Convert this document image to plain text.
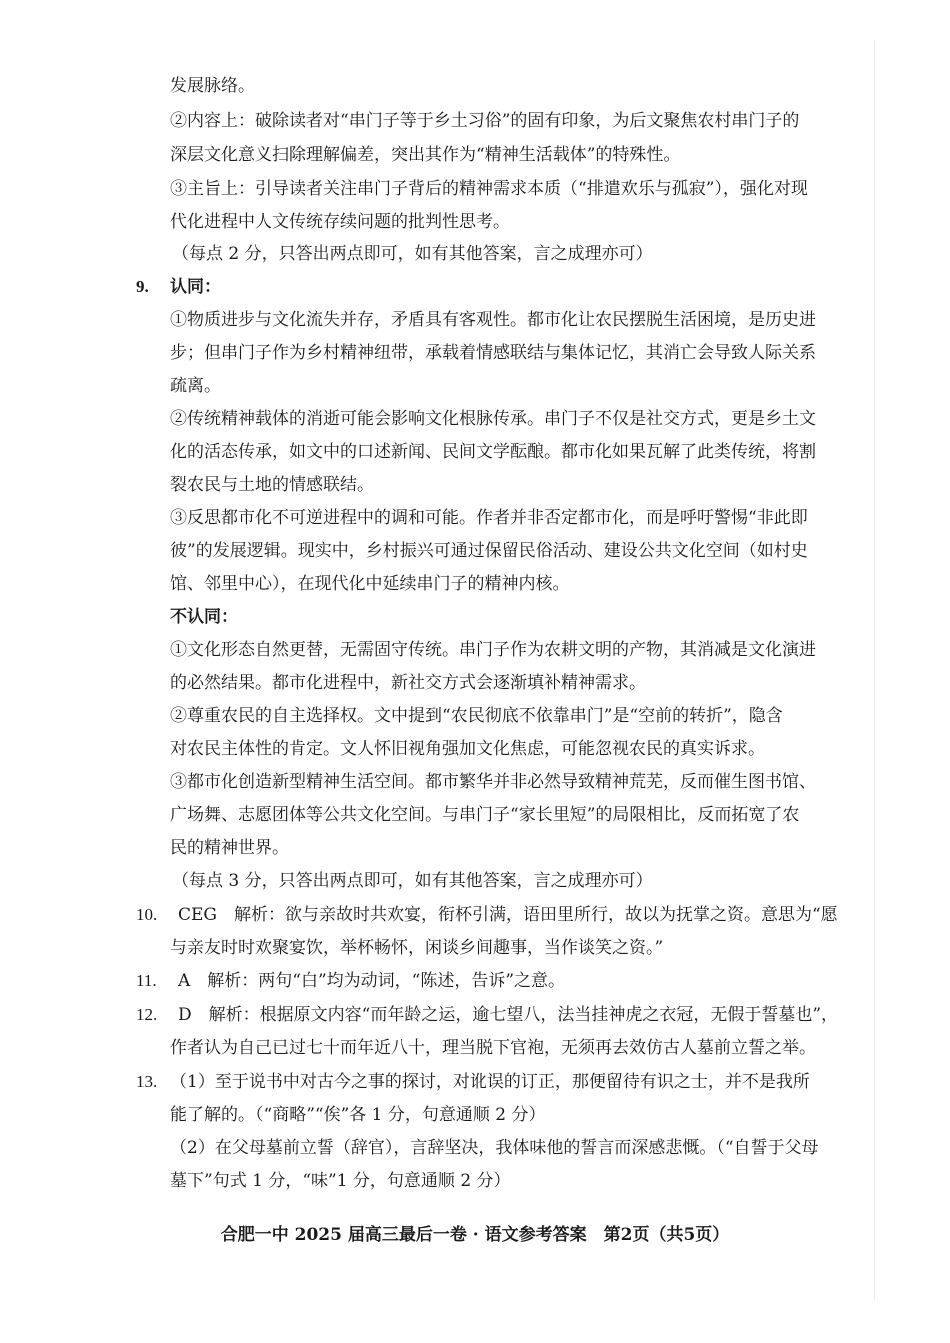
发展脉络。

②内容上：破除读者对“串门子等于乡土习俗”的固有印象，为后文聚焦农村串门子的

深层文化意义扫除理解偏差，突出其作为“精神生活载体”的特殊性。

③主旨上：引导读者关注串门子背后的精神需求本质（“排遣欢乐与孤寂”），强化对现

代化进程中人文传统存续问题的批判性思考。

（每点 2 分，只答出两点即可，如有其他答案，言之成理亦可）

9. 认同：

①物质进步与文化流失并存，矛盾具有客观性。都市化让农民摆脱生活困境，是历史进

步；但串门子作为乡村精神纽带，承载着情感联结与集体记忆，其消亡会导致人际关系

疏离。

②传统精神载体的消逝可能会影响文化根脉传承。串门子不仅是社交方式，更是乡土文

化的活态传承，如文中的口述新闻、民间文学酝酿。都市化如果瓦解了此类传统，将割

裂农民与土地的情感联结。

③反思都市化不可逆进程中的调和可能。作者并非否定都市化，而是呼吁警惕“非此即

彼”的发展逻辑。现实中，乡村振兴可通过保留民俗活动、建设公共文化空间（如村史

馆、邻里中心），在现代化中延续串门子的精神内核。

不认同：

①文化形态自然更替，无需固守传统。串门子作为农耕文明的产物，其消减是文化演进

的必然结果。都市化进程中，新社交方式会逐渐填补精神需求。

②尊重农民的自主选择权。文中提到“农民彻底不依靠串门”是“空前的转折”，隐含

对农民主体性的肯定。文人怀旧视角强加文化焦虑，可能忽视农民的真实诉求。

③都市化创造新型精神生活空间。都市繁华并非必然导致精神荒芜，反而催生图书馆、

广场舞、志愿团体等公共文化空间。与串门子“家长里短”的局限相比，反而拓宽了农

民的精神世界。

（每点 3 分，只答出两点即可，如有其他答案，言之成理亦可）

10. CEG　解析：欲与亲故时共欢宴，衔杯引满，语田里所行，故以为抚掌之资。意思为“愿

与亲友时时欢聚宴饮，举杯畅怀，闲谈乡间趣事，当作谈笑之资。”

11. A　解析：两句“白”均为动词，“陈述，告诉”之意。

12. D　解析：根据原文内容“而年龄之运，逾七望八，法当挂神虎之衣冠，无假于誓墓也”，

作者认为自己已过七十而年近八十，理当脱下官袍，无须再去效仿古人墓前立誓之举。

13. （1）至于说书中对古今之事的探讨，对讹误的订正，那便留待有识之士，并不是我所

能了解的。（“商略”“俟”各 1 分，句意通顺 2 分）

（2）在父母墓前立誓（辞官），言辞坚决，我体味他的誓言而深感悲慨。（“自誓于父母

墓下”句式 1 分，“味”1 分，句意通顺 2 分）

合肥一中 2025 届高三最后一卷 · 语文参考答案　第2页（共5页）
